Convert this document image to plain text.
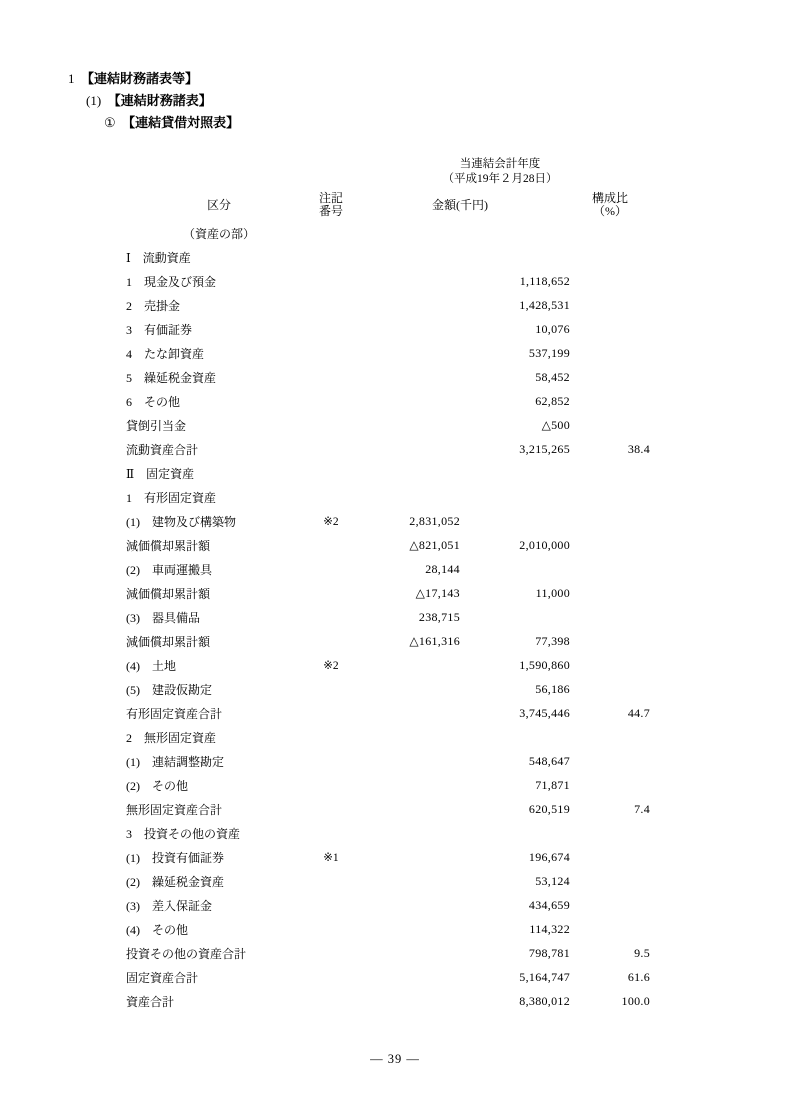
1　 【連結財務諸表等】
(1)　 【連結財務諸表】
①　 【連結貸借対照表】

		当連結会計年度
（平成19年２月28日）		

区分	注記
番号	金額(千円)		構成比
（%）

（資産の部）				
Ⅰ　流動資産				
1　現金及び預金			1,118,652	
2　売掛金			1,428,531	
3　有価証券			10,076	
4　たな卸資産			537,199	
5　繰延税金資産			58,452	
6　その他			62,852	
貸倒引当金			△500	
流動資産合計			3,215,265	38.4
Ⅱ　固定資産				
1　有形固定資産				
(1)　建物及び構築物	※2	2,831,052		
減価償却累計額		△821,051	2,010,000	
(2)　車両運搬具		28,144		
減価償却累計額		△17,143	11,000	
(3)　器具備品		238,715		
減価償却累計額		△161,316	77,398	
(4)　土地	※2		1,590,860	
(5)　建設仮勘定			56,186	
有形固定資産合計			3,745,446	44.7
2　無形固定資産				
(1)　連結調整勘定			548,647	
(2)　その他			71,871	
無形固定資産合計			620,519	7.4
3　投資その他の資産				
(1)　投資有価証券	※1		196,674	
(2)　繰延税金資産			53,124	
(3)　差入保証金			434,659	
(4)　その他			114,322	
投資その他の資産合計			798,781	9.5
固定資産合計			5,164,747	61.6
資産合計			8,380,012	100.0

— 39 —
